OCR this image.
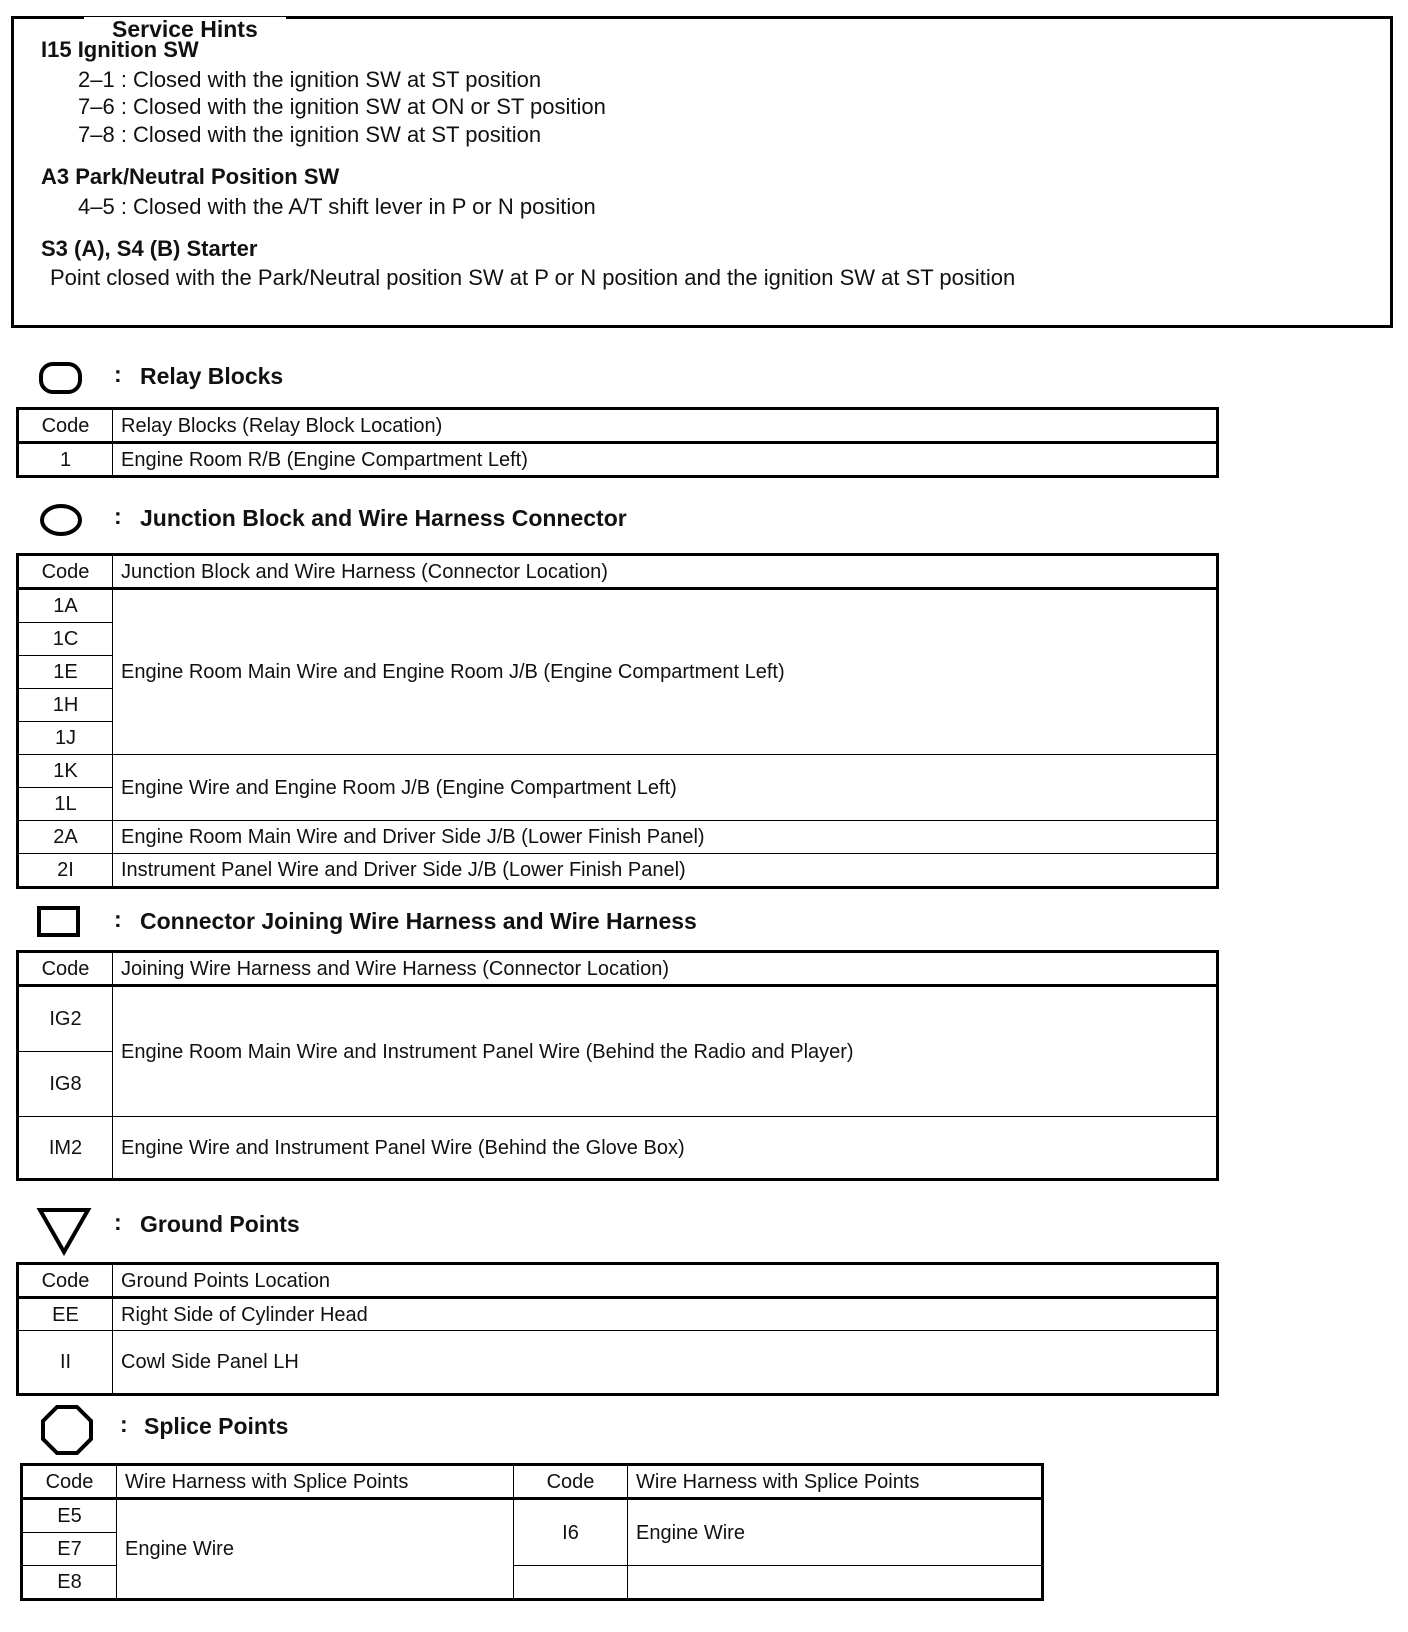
Service Hints
I15 Ignition SW
2–1 : Closed with the ignition SW at ST position
7–6 : Closed with the ignition SW at ON or ST position
7–8 : Closed with the ignition SW at ST position
A3 Park/Neutral Position SW
4–5 : Closed with the A/T shift lever in P or N position
S3 (A), S4 (B) Starter
Point closed with the Park/Neutral position SW at P or N position and the ignition SW at ST position
: Relay Blocks
Code	Relay Blocks (Relay Block Location)
1	Engine Room R/B (Engine Compartment Left)
: Junction Block and Wire Harness Connector
Code	Junction Block and Wire Harness (Connector Location)
1A	Engine Room Main Wire and Engine Room J/B (Engine Compartment Left)
1C	
1E	
1H	
1J	
1K	Engine Wire and Engine Room J/B (Engine Compartment Left)
1L	
2A	Engine Room Main Wire and Driver Side J/B (Lower Finish Panel)
2I	Instrument Panel Wire and Driver Side J/B (Lower Finish Panel)
: Connector Joining Wire Harness and Wire Harness
Code	Joining Wire Harness and Wire Harness (Connector Location)
IG2	Engine Room Main Wire and Instrument Panel Wire (Behind the Radio and Player)
IG8	
IM2	Engine Wire and Instrument Panel Wire (Behind the Glove Box)
: Ground Points
Code	Ground Points Location
EE	Right Side of Cylinder Head
II	Cowl Side Panel LH
: Splice Points
Code	Wire Harness with Splice Points	Code	Wire Harness with Splice Points
E5	Engine Wire	I6	Engine Wire
E7			
E8			
